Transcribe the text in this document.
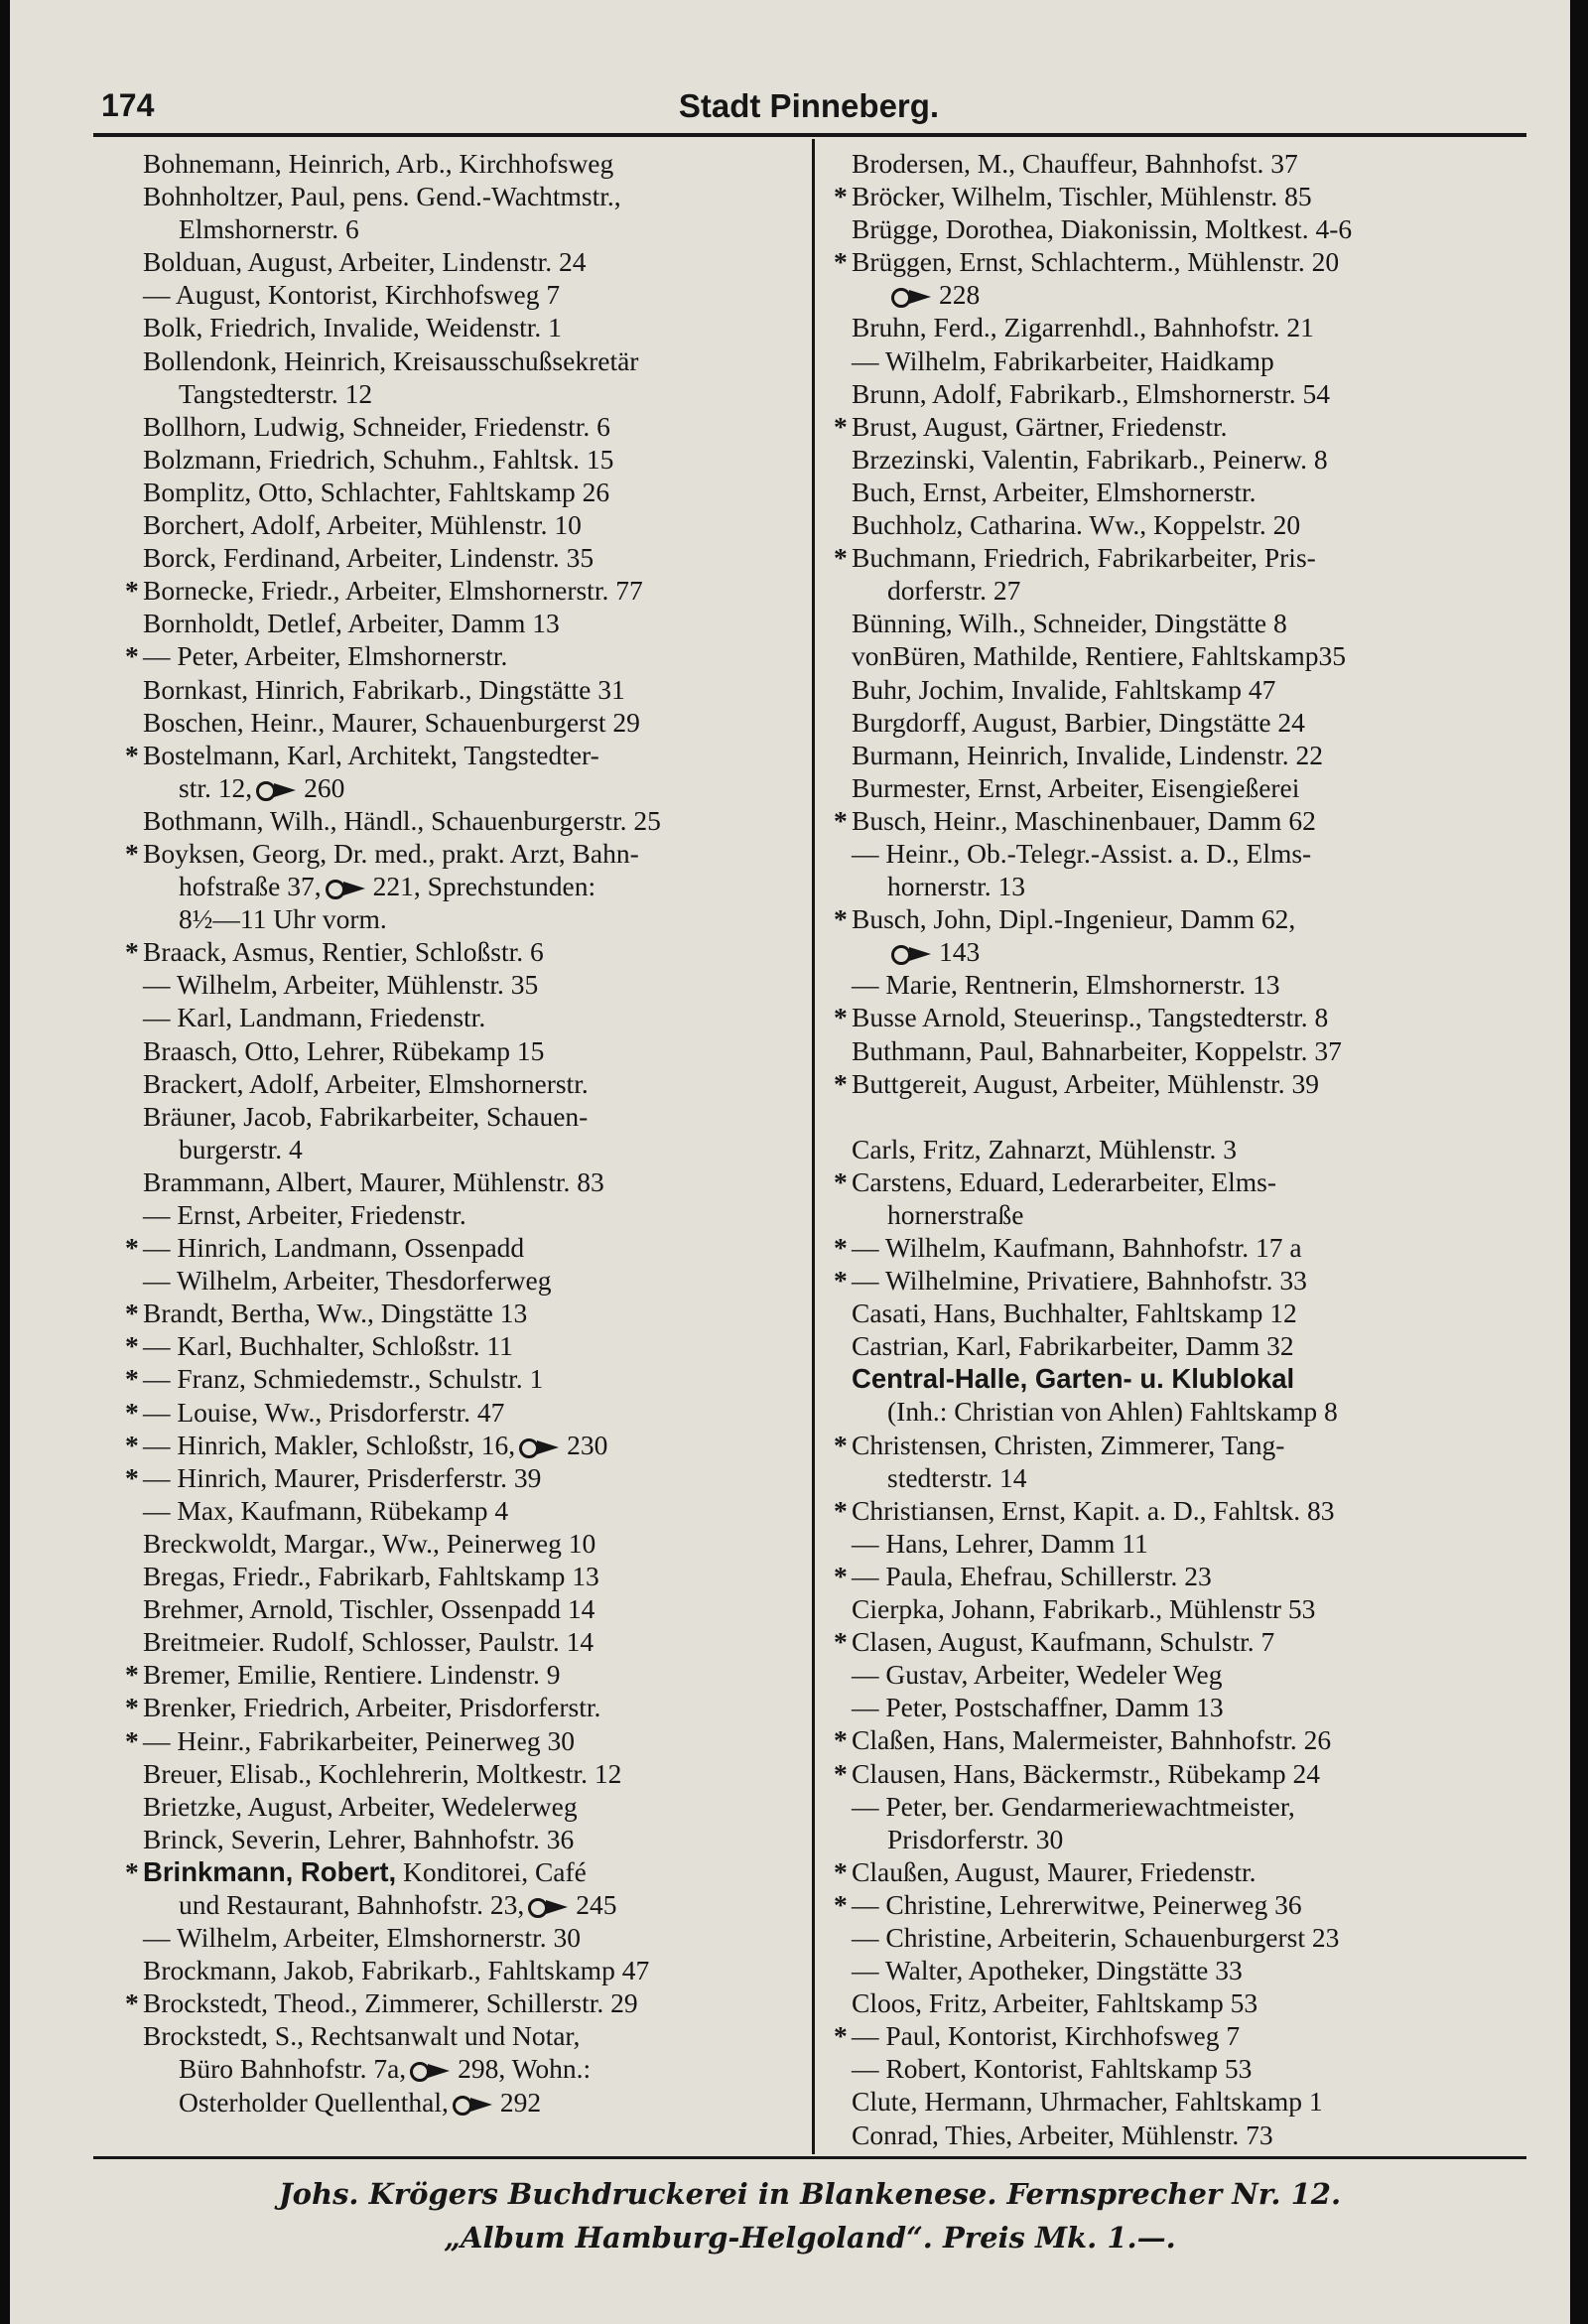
174	Stadt Pinneberg.
Bohnemann, Heinrich, Arb., Kirchhofsweg
Bohnholtzer, Paul, pens. Gend.-Wachtmstr.,
Elmshornerstr. 6
Bolduan, August, Arbeiter, Lindenstr. 24
— August, Kontorist, Kirchhofsweg 7
Bolk, Friedrich, Invalide, Weidenstr. 1
Bollendonk, Heinrich, Kreisausschußsekretär
Tangstedterstr. 12
Bollhorn, Ludwig, Schneider, Friedenstr. 6
Bolzmann, Friedrich, Schuhm., Fahltsk. 15
Bomplitz, Otto, Schlachter, Fahltskamp 26
Borchert, Adolf, Arbeiter, Mühlenstr. 10
Borck, Ferdinand, Arbeiter, Lindenstr. 35
* Bornecke, Friedr., Arbeiter, Elmshornerstr. 77
Bornholdt, Detlef, Arbeiter, Damm 13
* — Peter, Arbeiter, Elmshornerstr.
Bornkast, Hinrich, Fabrikarb., Dingstätte 31
Boschen, Heinr., Maurer, Schauenburgerst 29
* Bostelmann, Karl, Architekt, Tangstedter-
str. 12, 260
Bothmann, Wilh., Händl., Schauenburgerstr. 25
* Boyksen, Georg, Dr. med., prakt. Arzt, Bahn-
hofstraße 37, 221, Sprechstunden:
8½—11 Uhr vorm.
* Braack, Asmus, Rentier, Schloßstr. 6
— Wilhelm, Arbeiter, Mühlenstr. 35
— Karl, Landmann, Friedenstr.
Braasch, Otto, Lehrer, Rübekamp 15
Brackert, Adolf, Arbeiter, Elmshornerstr.
Bräuner, Jacob, Fabrikarbeiter, Schauen-
burgerstr. 4
Brammann, Albert, Maurer, Mühlenstr. 83
— Ernst, Arbeiter, Friedenstr.
* — Hinrich, Landmann, Ossenpadd
— Wilhelm, Arbeiter, Thesdorferweg
* Brandt, Bertha, Ww., Dingstätte 13
* — Karl, Buchhalter, Schloßstr. 11
* — Franz, Schmiedemstr., Schulstr. 1
* — Louise, Ww., Prisdorferstr. 47
* — Hinrich, Makler, Schloßstr, 16, 230
* — Hinrich, Maurer, Prisderferstr. 39
— Max, Kaufmann, Rübekamp 4
Breckwoldt, Margar., Ww., Peinerweg 10
Bregas, Friedr., Fabrikarb, Fahltskamp 13
Brehmer, Arnold, Tischler, Ossenpadd 14
Breitmeier. Rudolf, Schlosser, Paulstr. 14
* Bremer, Emilie, Rentiere. Lindenstr. 9
* Brenker, Friedrich, Arbeiter, Prisdorferstr.
* — Heinr., Fabrikarbeiter, Peinerweg 30
Breuer, Elisab., Kochlehrerin, Moltkestr. 12
Brietzke, August, Arbeiter, Wedelerweg
Brinck, Severin, Lehrer, Bahnhofstr. 36
* Brinkmann, Robert, Konditorei, Café
und Restaurant, Bahnhofstr. 23, 245
— Wilhelm, Arbeiter, Elmshornerstr. 30
Brockmann, Jakob, Fabrikarb., Fahltskamp 47
* Brockstedt, Theod., Zimmerer, Schillerstr. 29
Brockstedt, S., Rechtsanwalt und Notar,
Büro Bahnhofstr. 7a, 298, Wohn.:
Osterholder Quellenthal, 292
Brodersen, M., Chauffeur, Bahnhofst. 37
* Bröcker, Wilhelm, Tischler, Mühlenstr. 85
Brügge, Dorothea, Diakonissin, Moltkest. 4-6
* Brüggen, Ernst, Schlachterm., Mühlenstr. 20
228
Bruhn, Ferd., Zigarrenhdl., Bahnhofstr. 21
— Wilhelm, Fabrikarbeiter, Haidkamp
Brunn, Adolf, Fabrikarb., Elmshornerstr. 54
* Brust, August, Gärtner, Friedenstr.
Brzezinski, Valentin, Fabrikarb., Peinerw. 8
Buch, Ernst, Arbeiter, Elmshornerstr.
Buchholz, Catharina. Ww., Koppelstr. 20
* Buchmann, Friedrich, Fabrikarbeiter, Pris-
dorferstr. 27
Bünning, Wilh., Schneider, Dingstätte 8
vonBüren, Mathilde, Rentiere, Fahltskamp35
Buhr, Jochim, Invalide, Fahltskamp 47
Burgdorff, August, Barbier, Dingstätte 24
Burmann, Heinrich, Invalide, Lindenstr. 22
Burmester, Ernst, Arbeiter, Eisengießerei
* Busch, Heinr., Maschinenbauer, Damm 62
— Heinr., Ob.-Telegr.-Assist. a. D., Elms-
hornerstr. 13
* Busch, John, Dipl.-Ingenieur, Damm 62,
143
— Marie, Rentnerin, Elmshornerstr. 13
* Busse Arnold, Steuerinsp., Tangstedterstr. 8
Buthmann, Paul, Bahnarbeiter, Koppelstr. 37
* Buttgereit, August, Arbeiter, Mühlenstr. 39
Carls, Fritz, Zahnarzt, Mühlenstr. 3
* Carstens, Eduard, Lederarbeiter, Elms-
hornerstraße
* — Wilhelm, Kaufmann, Bahnhofstr. 17 a
* — Wilhelmine, Privatiere, Bahnhofstr. 33
Casati, Hans, Buchhalter, Fahltskamp 12
Castrian, Karl, Fabrikarbeiter, Damm 32
Central-Halle, Garten- u. Klublokal
(Inh.: Christian von Ahlen) Fahltskamp 8
* Christensen, Christen, Zimmerer, Tang-
stedterstr. 14
* Christiansen, Ernst, Kapit. a. D., Fahltsk. 83
— Hans, Lehrer, Damm 11
* — Paula, Ehefrau, Schillerstr. 23
Cierpka, Johann, Fabrikarb., Mühlenstr 53
* Clasen, August, Kaufmann, Schulstr. 7
— Gustav, Arbeiter, Wedeler Weg
— Peter, Postschaffner, Damm 13
* Claßen, Hans, Malermeister, Bahnhofstr. 26
* Clausen, Hans, Bäckermstr., Rübekamp 24
— Peter, ber. Gendarmeriewachtmeister,
Prisdorferstr. 30
* Claußen, August, Maurer, Friedenstr.
* — Christine, Lehrerwitwe, Peinerweg 36
— Christine, Arbeiterin, Schauenburgerst 23
— Walter, Apotheker, Dingstätte 33
Cloos, Fritz, Arbeiter, Fahltskamp 53
* — Paul, Kontorist, Kirchhofsweg 7
— Robert, Kontorist, Fahltskamp 53
Clute, Hermann, Uhrmacher, Fahltskamp 1
Conrad, Thies, Arbeiter, Mühlenstr. 73
Johs. Krögers Buchdruckerei in Blankenese. Fernsprecher Nr. 12.
„Album Hamburg-Helgoland“. Preis Mk. 1.—.
